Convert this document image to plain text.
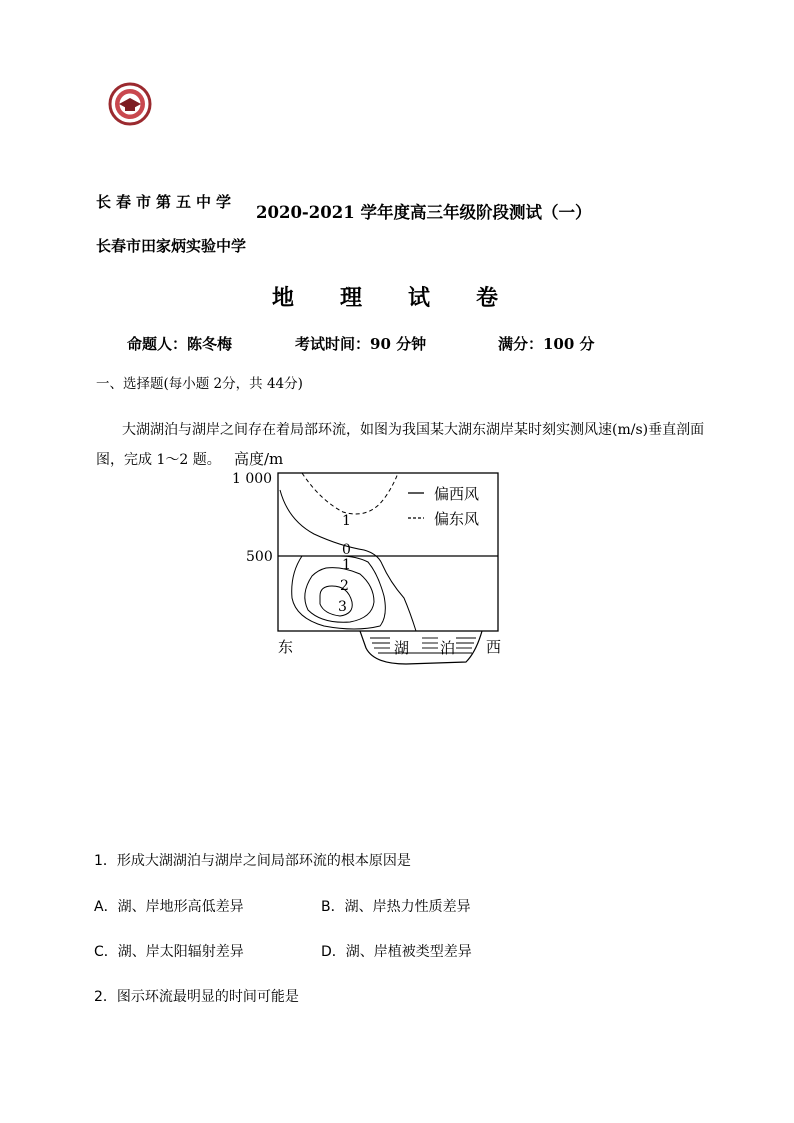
长春市第五中学
2020-2021 学年度高三年级阶段测试（一）
长春市田家炳实验中学
地理试卷
命题人：陈冬梅	考试时间：90 分钟	满分：100 分
一、选择题(每小题 2分，共 44分)
大湖湖泊与湖岸之间存在着局部环流，如图为我国某大湖东湖岸某时刻实测风速(m/s)垂直剖面
图，完成 1～2 题。 高度/m
1 000
500
1
0
1
2
3
偏西风
偏东风
东	湖 泊 西
1．形成大湖湖泊与湖岸之间局部环流的根本原因是
A．湖、岸地形高低差异	B．湖、岸热力性质差异
C．湖、岸太阳辐射差异	D．湖、岸植被类型差异
2．图示环流最明显的时间可能是
